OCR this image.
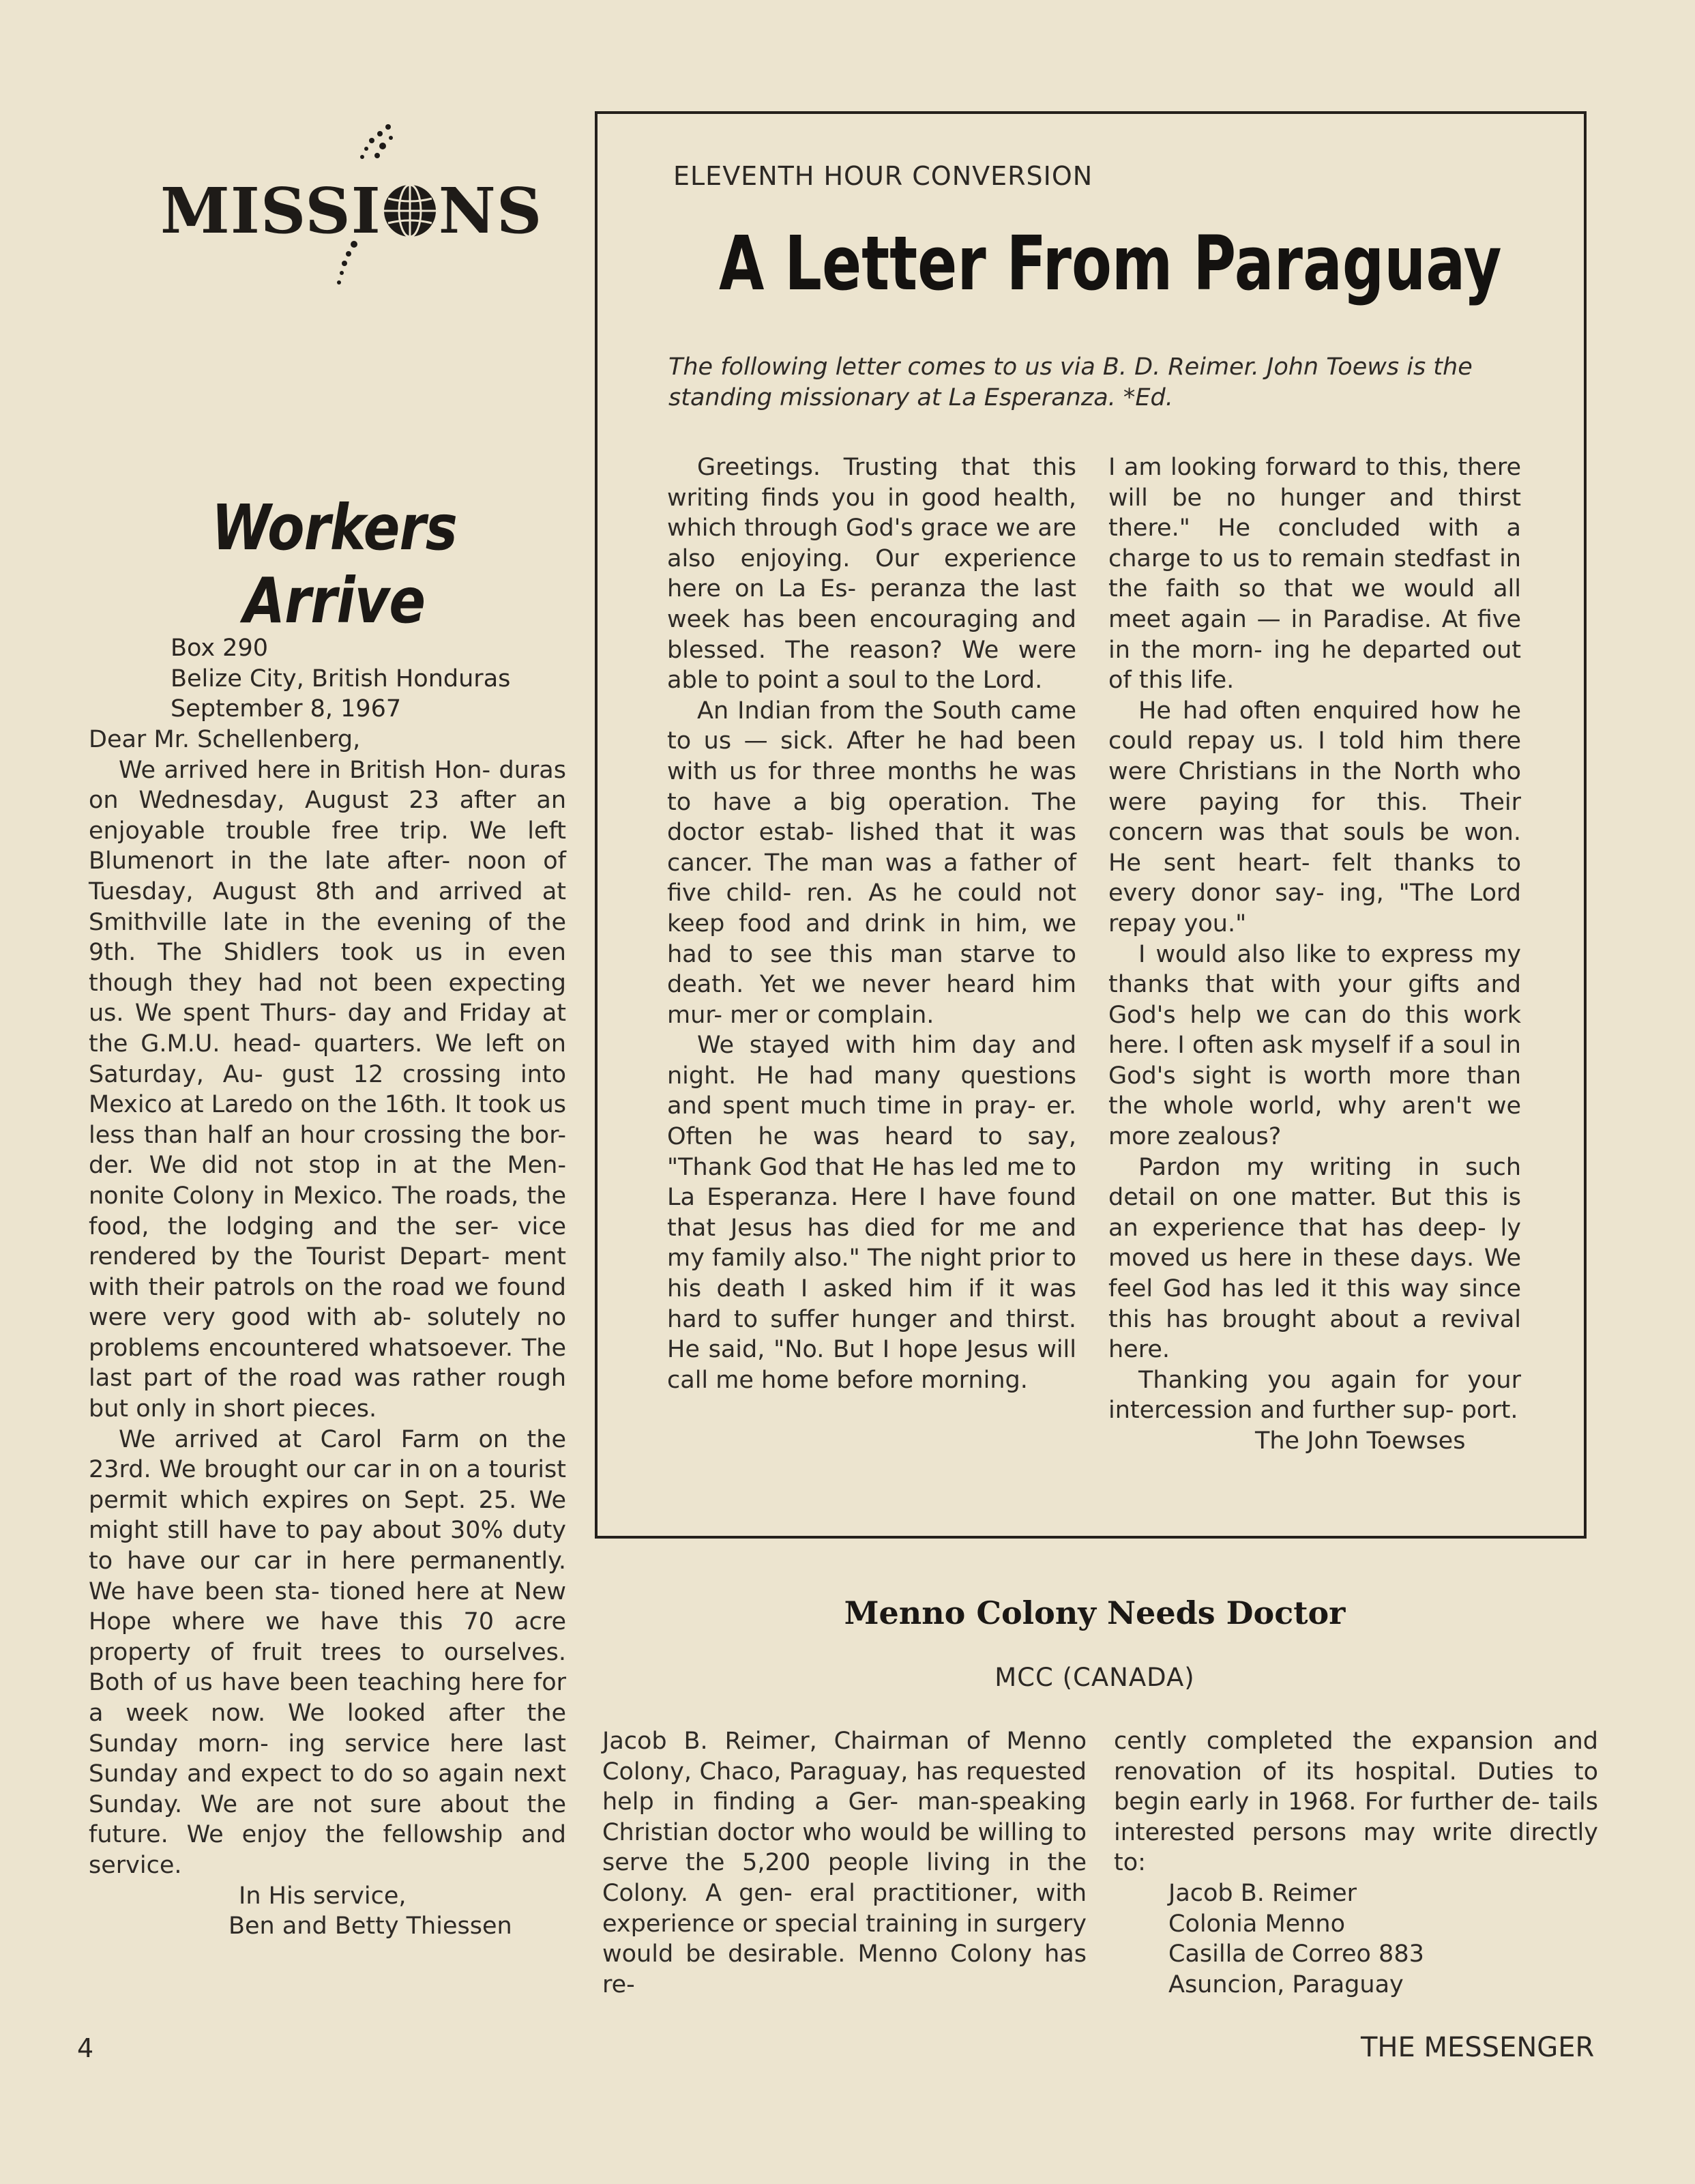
MISSI NS
Workers Arrive
Box 290
Belize City, British Honduras
September 8, 1967

Dear Mr. Schellenberg,

We arrived here in British Hon- duras on Wednesday, August 23 after an enjoyable trouble free trip. We left Blumenort in the late after- noon of Tuesday, August 8th and arrived at Smithville late in the evening of the 9th. The Shidlers took us in even though they had not been expecting us. We spent Thurs- day and Friday at the G.M.U. head- quarters. We left on Saturday, Au- gust 12 crossing into Mexico at Laredo on the 16th. It took us less than half an hour crossing the bor- der. We did not stop in at the Men- nonite Colony in Mexico. The roads, the food, the lodging and the ser- vice rendered by the Tourist Depart- ment with their patrols on the road we found were very good with ab- solutely no problems encountered whatsoever. The last part of the road was rather rough but only in short pieces.

We arrived at Carol Farm on the 23rd. We brought our car in on a tourist permit which expires on Sept. 25. We might still have to pay about 30% duty to have our car in here permanently. We have been sta- tioned here at New Hope where we have this 70 acre property of fruit trees to ourselves. Both of us have been teaching here for a week now. We looked after the Sunday morn- ing service here last Sunday and expect to do so again next Sunday. We are not sure about the future. We enjoy the fellowship and service.

In His service,

Ben and Betty Thiessen

ELEVENTH HOUR CONVERSION
A Letter From Paraguay
The following letter comes to us via B. D. Reimer. John Toews is the standing missionary at La Esperanza. *Ed.

Greetings. Trusting that this writing finds you in good health, which through God's grace we are also enjoying. Our experience here on La Es- peranza the last week has been encouraging and blessed. The reason? We were able to point a soul to the Lord.

An Indian from the South came to us — sick. After he had been with us for three months he was to have a big operation. The doctor estab- lished that it was cancer. The man was a father of five child- ren. As he could not keep food and drink in him, we had to see this man starve to death. Yet we never heard him mur- mer or complain.

We stayed with him day and night. He had many questions and spent much time in pray- er. Often he was heard to say, "Thank God that He has led me to La Esperanza. Here I have found that Jesus has died for me and my family also." The night prior to his death I asked him if it was hard to suffer hunger and thirst. He said, "No. But I hope Jesus will call me home before morning.

I am looking forward to this, there will be no hunger and thirst there." He concluded with a charge to us to remain stedfast in the faith so that we would all meet again — in Paradise. At five in the morn- ing he departed out of this life.

He had often enquired how he could repay us. I told him there were Christians in the North who were paying for this. Their concern was that souls be won. He sent heart- felt thanks to every donor say- ing, "The Lord repay you."

I would also like to express my thanks that with your gifts and God's help we can do this work here. I often ask myself if a soul in God's sight is worth more than the whole world, why aren't we more zealous?

Pardon my writing in such detail on one matter. But this is an experience that has deep- ly moved us here in these days. We feel God has led it this way since this has brought about a revival here.

Thanking you again for your intercession and further sup- port.

The John Toewses

Menno Colony Needs Doctor
MCC (CANADA)

Jacob B. Reimer, Chairman of Menno Colony, Chaco, Paraguay, has requested help in finding a Ger- man-speaking Christian doctor who would be willing to serve the 5,200 people living in the Colony. A gen- eral practitioner, with experience or special training in surgery would be desirable. Menno Colony has re-

cently completed the expansion and renovation of its hospital. Duties to begin early in 1968. For further de- tails interested persons may write directly to:

Jacob B. Reimer
Colonia Menno
Casilla de Correo 883
Asuncion, Paraguay
4	THE MESSENGER
